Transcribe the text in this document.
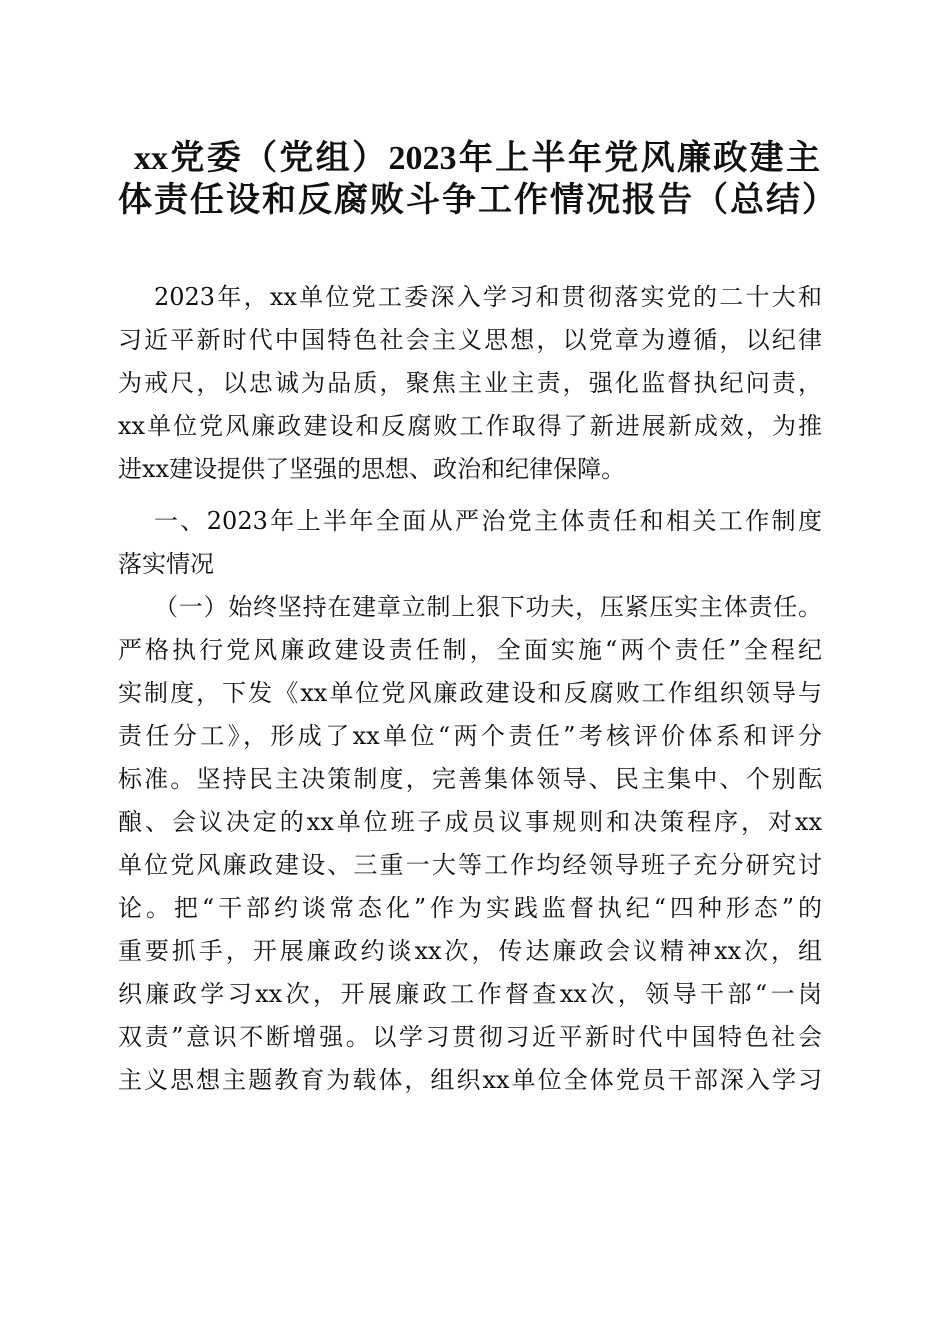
xx党委（党组）2023年上半年党风廉政建主
体责任设和反腐败斗争工作情况报告（总结）
2023年，xx单位党工委深入学习和贯彻落实党的二十大和
习近平新时代中国特色社会主义思想，以党章为遵循，以纪律
为戒尺，以忠诚为品质，聚焦主业主责，强化监督执纪问责，
xx单位党风廉政建设和反腐败工作取得了新进展新成效，为推
进xx建设提供了坚强的思想、政治和纪律保障。
一、2023年上半年全面从严治党主体责任和相关工作制度
落实情况
（一）始终坚持在建章立制上狠下功夫，压紧压实主体责任。
严格执行党风廉政建设责任制，全面实施“两个责任”全程纪
实制度，下发《xx单位党风廉政建设和反腐败工作组织领导与
责任分工》，形成了xx单位“两个责任”考核评价体系和评分
标准。坚持民主决策制度，完善集体领导、民主集中、个别酝
酿、会议决定的xx单位班子成员议事规则和决策程序，对xx
单位党风廉政建设、三重一大等工作均经领导班子充分研究讨
论。把“干部约谈常态化”作为实践监督执纪“四种形态”的
重要抓手，开展廉政约谈xx次，传达廉政会议精神xx次，组
织廉政学习xx次，开展廉政工作督查xx次，领导干部“一岗
双责”意识不断增强。以学习贯彻习近平新时代中国特色社会
主义思想主题教育为载体，组织xx单位全体党员干部深入学习
